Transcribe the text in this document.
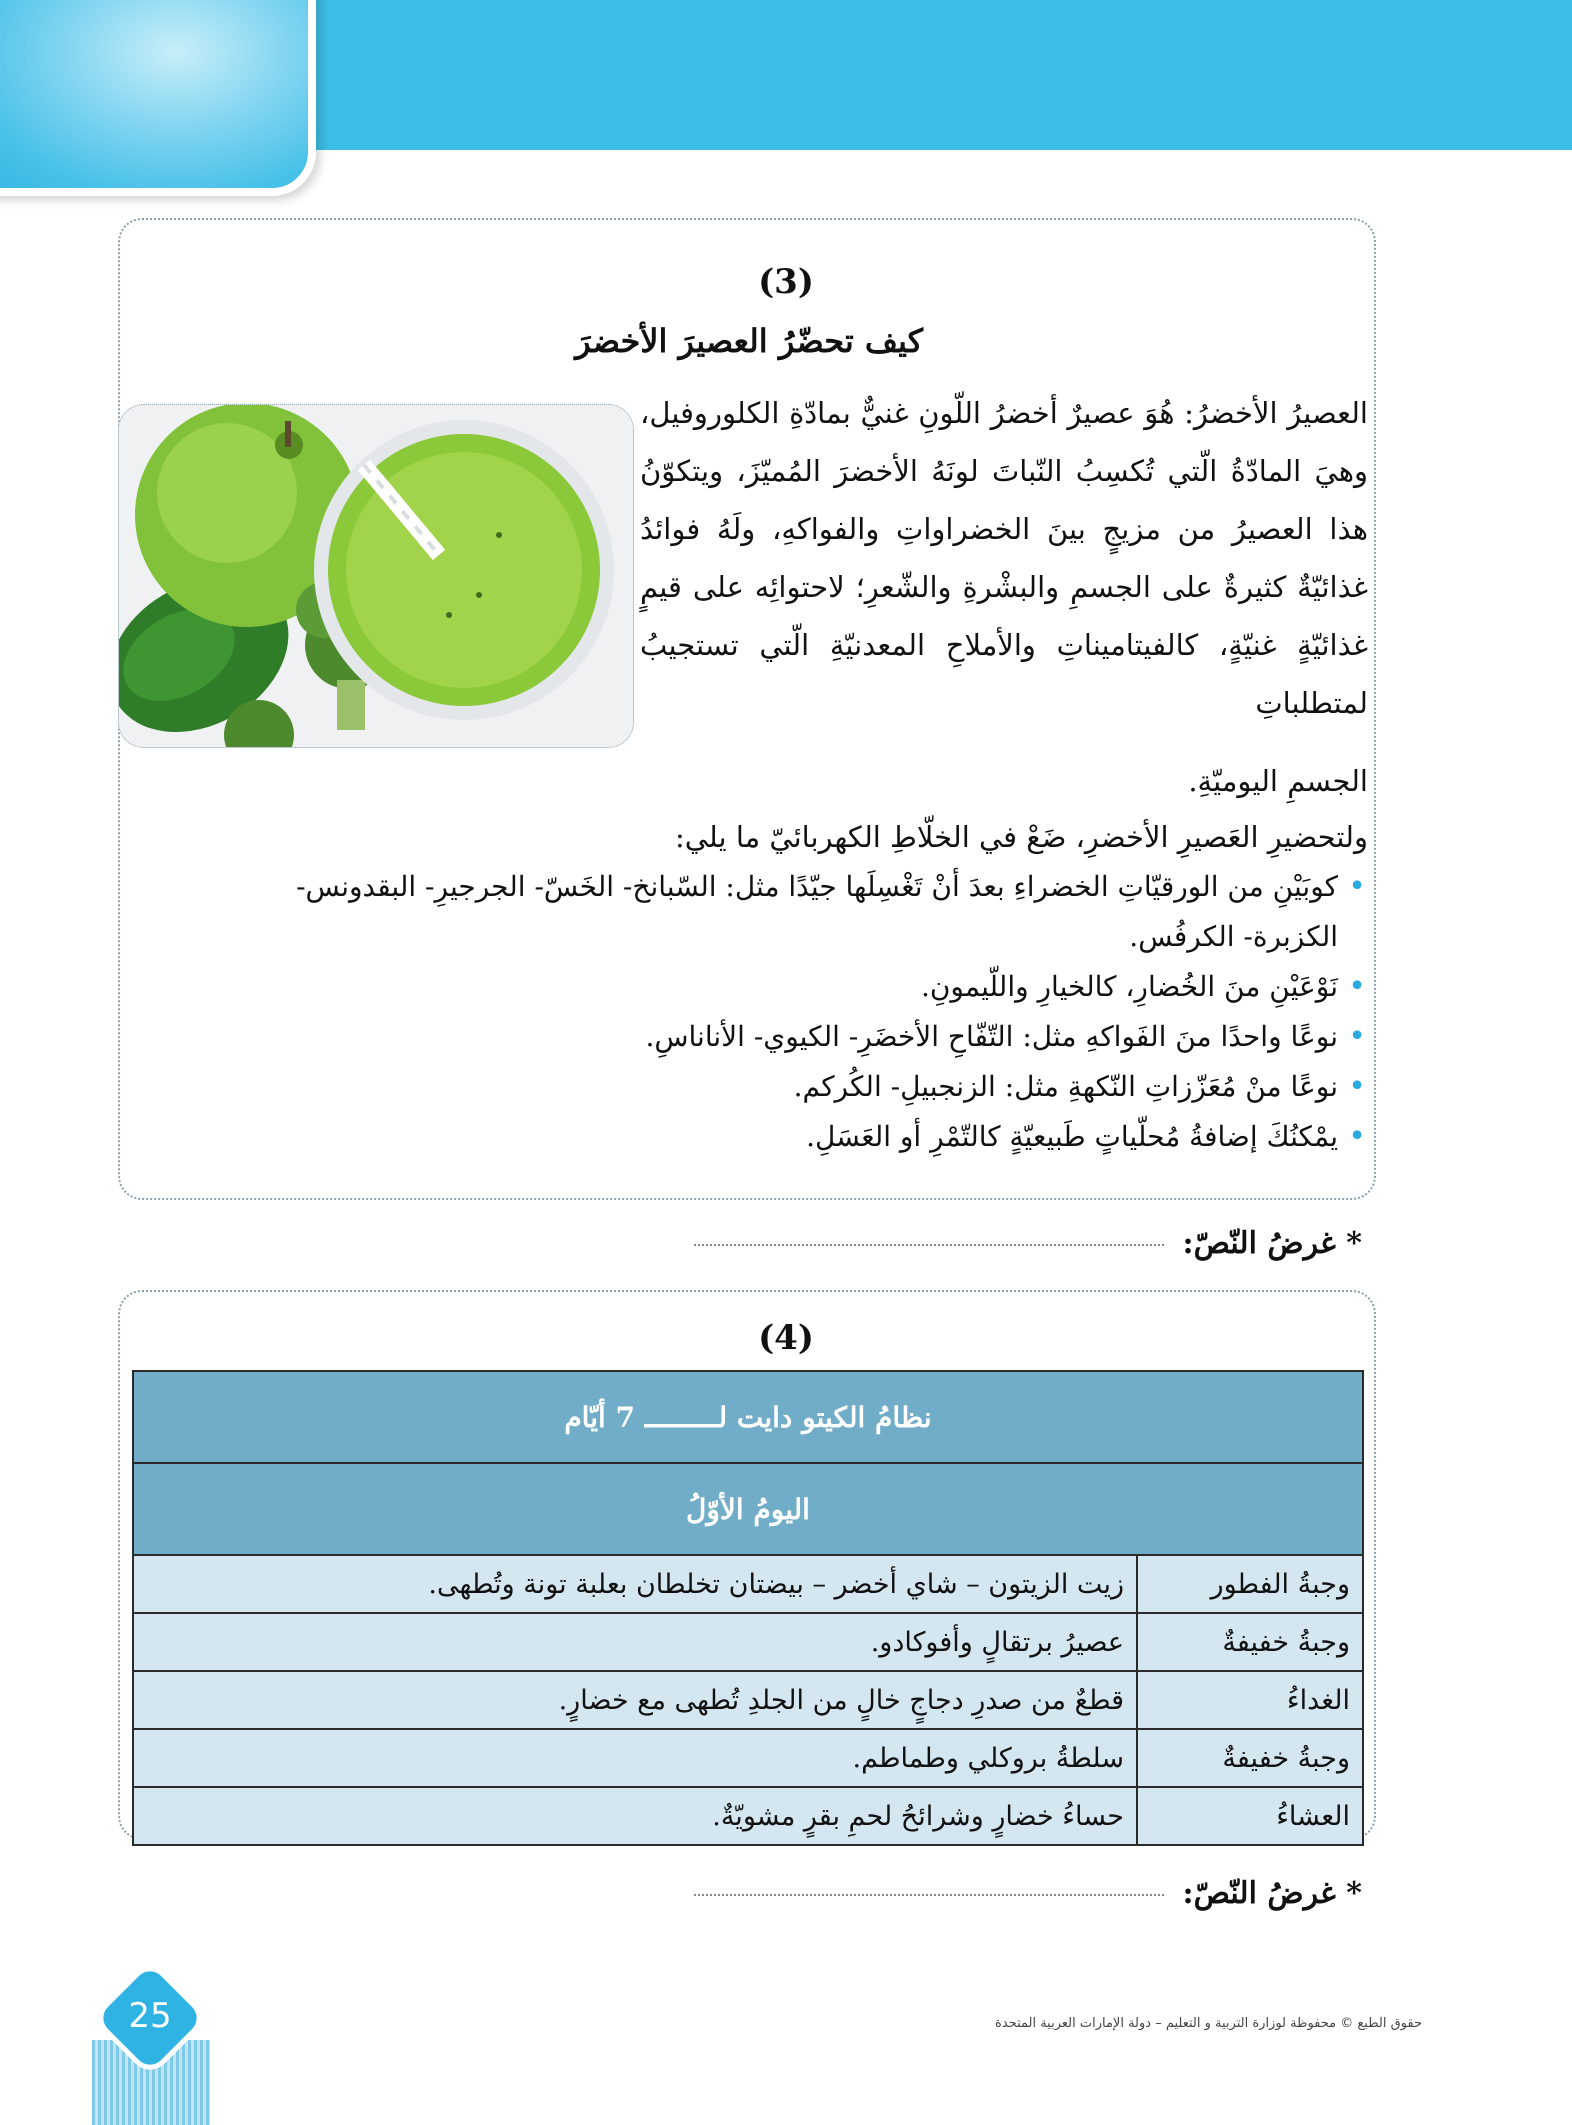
(3)
كيف تحضّرُ العصيرَ الأخضرَ
العصيرُ الأخضرُ: هُوَ عصيرٌ أخضرُ اللّونِ غنيٌّ بمادّةِ الكلوروفيل، وهيَ المادّةُ الّتي تُكسِبُ النّباتَ لونَهُ الأخضرَ المُميّزَ، ويتكوّنُ هذا العصيرُ من مزيجٍ بينَ الخضراواتِ والفواكهِ، ولَهُ فوائدُ غذائيّةٌ كثيرةٌ على الجسمِ والبشْرةِ والشّعرِ؛ لاحتوائِه على قيمٍ غذائيّةٍ غنيّةٍ، كالفيتاميناتِ والأملاحِ المعدنيّةِ الّتي تستجيبُ لمتطلباتِ
الجسمِ اليوميّةِ.
ولتحضيرِ العَصيرِ الأخضرِ، ضَعْ في الخلّاطِ الكهربائيّ ما يلي:
•
كوبَيْنِ من الورقيّاتِ الخضراءِ بعدَ أنْ تَغْسِلَها جيّدًا مثل: السّبانخ- الخَسّ- الجرجيرِ- البقدونس- الكزبرة- الكرفُس.
•
نَوْعَيْنِ منَ الخُضارِ، كالخيارِ واللّيمونِ.
•
نوعًا واحدًا منَ الفَواكهِ مثل: التّفّاحِ الأخضَرِ- الكيوي- الأناناسِ.
•
نوعًا منْ مُعَزّزاتِ النّكهةِ مثل: الزنجبيلِ- الكُركم.
•
يمْكنُكَ إضافةُ مُحلّياتٍ طَبيعيّةٍ كالتّمْرِ أو العَسَلِ.
* غرضُ النّصّ:
(4)
نظامُ الكيتو دايت لـــــــــ 7 أيّام	
اليومُ الأوّلُ	
وجبةُ الفطور	زيت الزيتون – شاي أخضر – بيضتان تخلطان بعلبة تونة وتُطهى.
وجبةُ خفيفةٌ	عصيرُ برتقالٍ وأفوكادو.
الغداءُ	قطعٌ من صدرِ دجاجٍ خالٍ من الجلدِ تُطهى مع خضارٍ.
وجبةُ خفيفةٌ	سلطةُ بروكلي وطماطم.
العشاءُ	حساءُ خضارٍ وشرائحُ لحمِ بقرٍ مشويّةٌ.
* غرضُ النّصّ:
25	حقوق الطبع © محفوظة لوزارة التربية و التعليم – دولة الإمارات العربية المتحدة
